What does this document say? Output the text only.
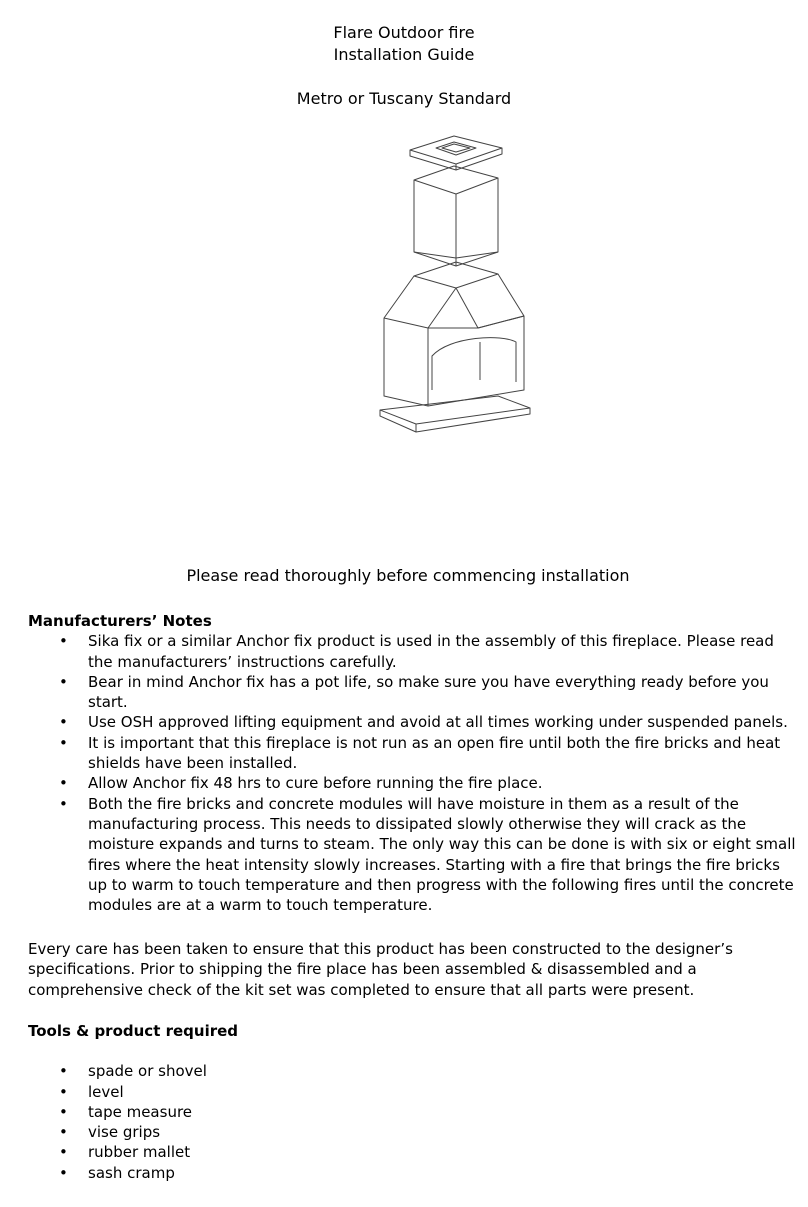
Flare Outdoor fire
Installation Guide
Metro or Tuscany Standard
Please read thoroughly before commencing installation

Manufacturers’ Notes

• Sika fix or a similar Anchor fix product is used in the assembly of this fireplace. Please read the manufacturers’ instructions carefully.
• Bear in mind Anchor fix has a pot life, so make sure you have everything ready before you start.
• Use OSH approved lifting equipment and avoid at all times working under suspended panels.
• It is important that this fireplace is not run as an open fire until both the fire bricks and heat shields have been installed.
• Allow Anchor fix 48 hrs to cure before running the fire place.
• Both the fire bricks and concrete modules will have moisture in them as a result of the manufacturing process. This needs to dissipated slowly otherwise they will crack as the moisture expands and turns to steam. The only way this can be done is with six or eight small fires where the heat intensity slowly increases. Starting with a fire that brings the fire bricks up to warm to touch temperature and then progress with the following fires until the concrete modules are at a warm to touch temperature.

Every care has been taken to ensure that this product has been constructed to the designer’s specifications. Prior to shipping the fire place has been assembled & disassembled and a comprehensive check of the kit set was completed to ensure that all parts were present.

Tools & product required

• spade or shovel
• level
• tape measure
• vise grips
• rubber mallet
• sash cramp
